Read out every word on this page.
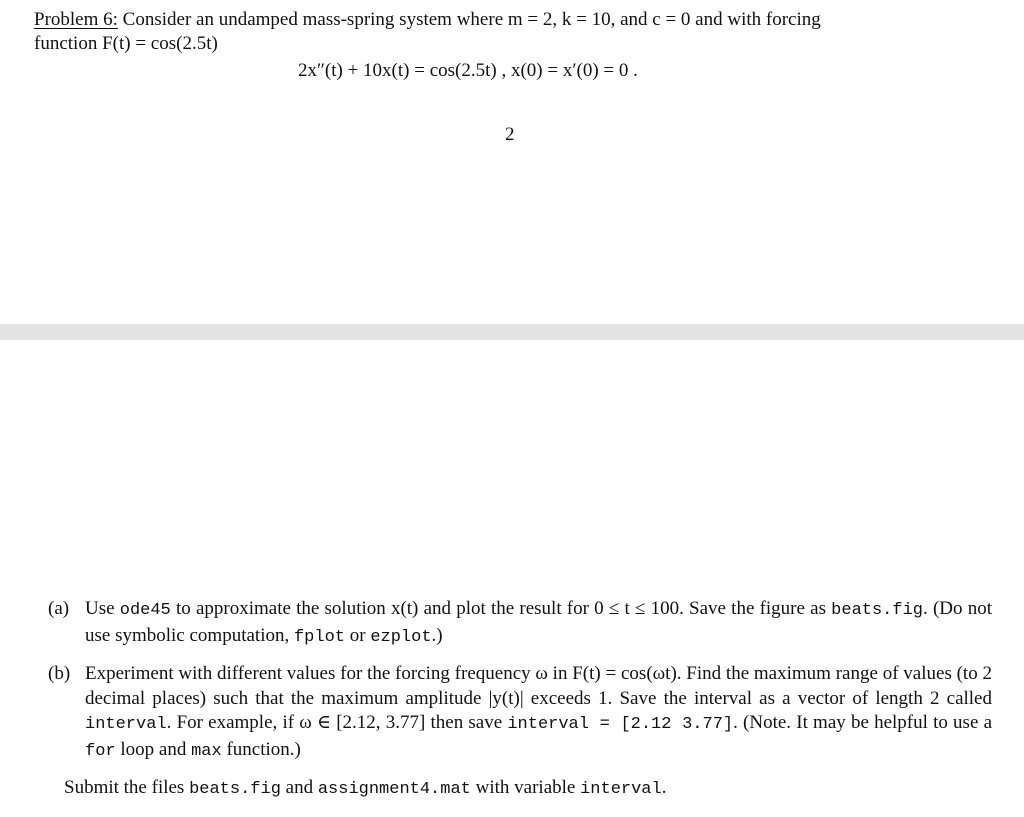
Problem 6: Consider an undamped mass-spring system where m = 2, k = 10, and c = 0 and with forcing
function F(t) = cos(2.5t)
2x″(t) + 10x(t) = cos(2.5t) , x(0) = x′(0) = 0 .
2
(a) Use ode45 to approximate the solution x(t) and plot the result for 0 ≤ t ≤ 100. Save the figure as beats.fig. (Do not use symbolic computation, fplot or ezplot.)
(b) Experiment with different values for the forcing frequency ω in F(t) = cos(ωt). Find the maximum range of values (to 2 decimal places) such that the maximum amplitude |y(t)| exceeds 1. Save the interval as a vector of length 2 called interval. For example, if ω ∈ [2.12, 3.77] then save interval = [2.12 3.77]. (Note. It may be helpful to use a for loop and max function.)
Submit the files beats.fig and assignment4.mat with variable interval.
